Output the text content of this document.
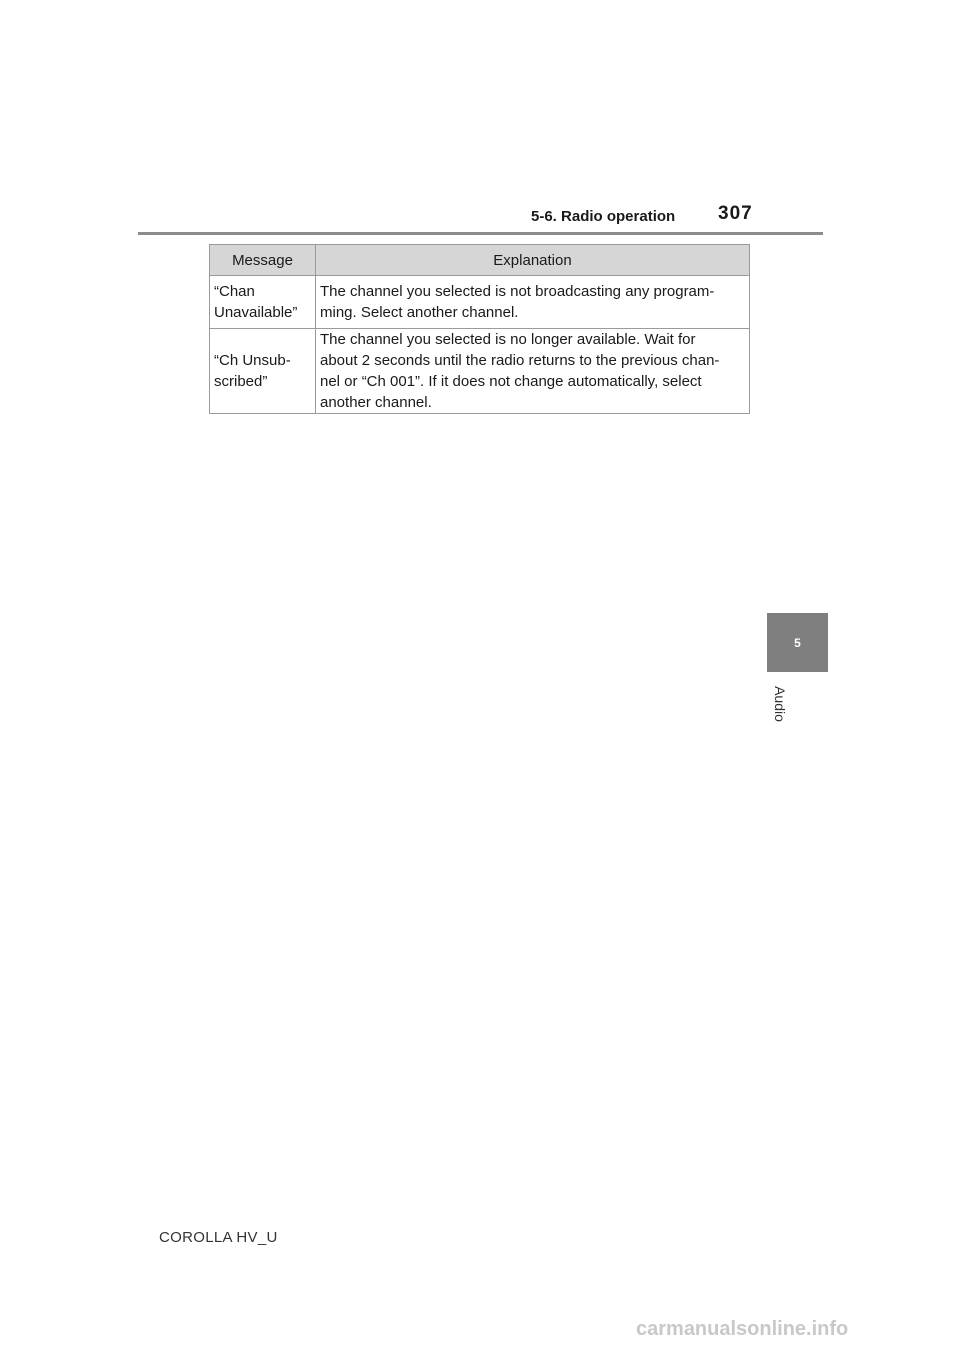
5-6. Radio operation 307
Message	Explanation
“Chan
Unavailable”	The channel you selected is not broadcasting any program-
ming. Select another channel.
“Ch Unsub-
scribed”	The channel you selected is no longer available. Wait for
about 2 seconds until the radio returns to the previous chan-
nel or “Ch 001”. If it does not change automatically, select
another channel.
5
Audio
COROLLA HV_U
carmanualsonline.info
